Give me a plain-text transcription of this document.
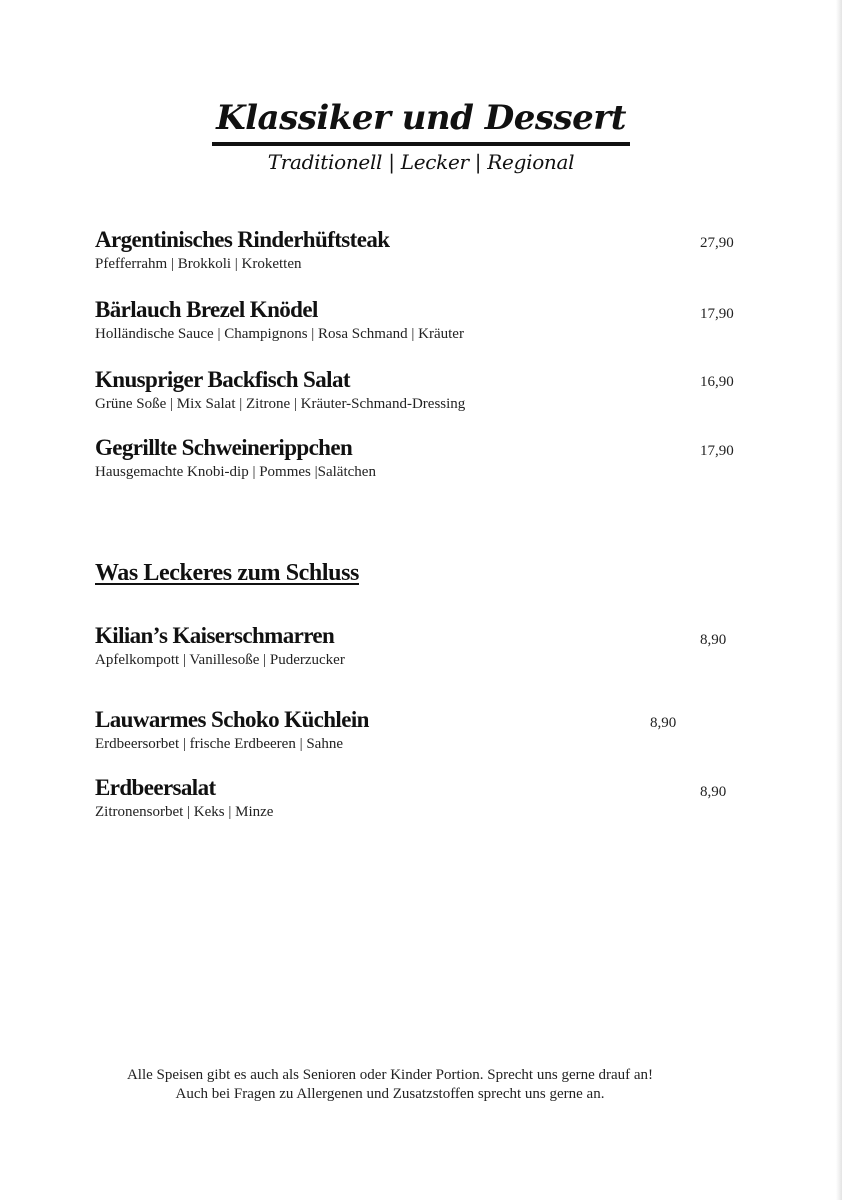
Klassiker und Dessert
Traditionell | Lecker | Regional
Argentinisches Rinderhüftsteak
Pfefferrahm | Brokkoli | Kroketten
27,90
Bärlauch Brezel Knödel
Holländische Sauce | Champignons | Rosa Schmand | Kräuter
17,90
Knuspriger Backfisch Salat
Grüne Soße | Mix Salat | Zitrone | Kräuter-Schmand-Dressing
16,90
Gegrillte Schweinerippchen
Hausgemachte Knobi-dip | Pommes |Salätchen
17,90
Was Leckeres zum Schluss
Kilian’s Kaiserschmarren
Apfelkompott | Vanillesoße | Puderzucker
8,90
Lauwarmes Schoko Küchlein
Erdbeersorbet | frische Erdbeeren | Sahne
8,90
Erdbeersalat
Zitronensorbet | Keks | Minze
8,90
Alle Speisen gibt es auch als Senioren oder Kinder Portion. Sprecht uns gerne drauf an!
Auch bei Fragen zu Allergenen und Zusatzstoffen sprecht uns gerne an.
